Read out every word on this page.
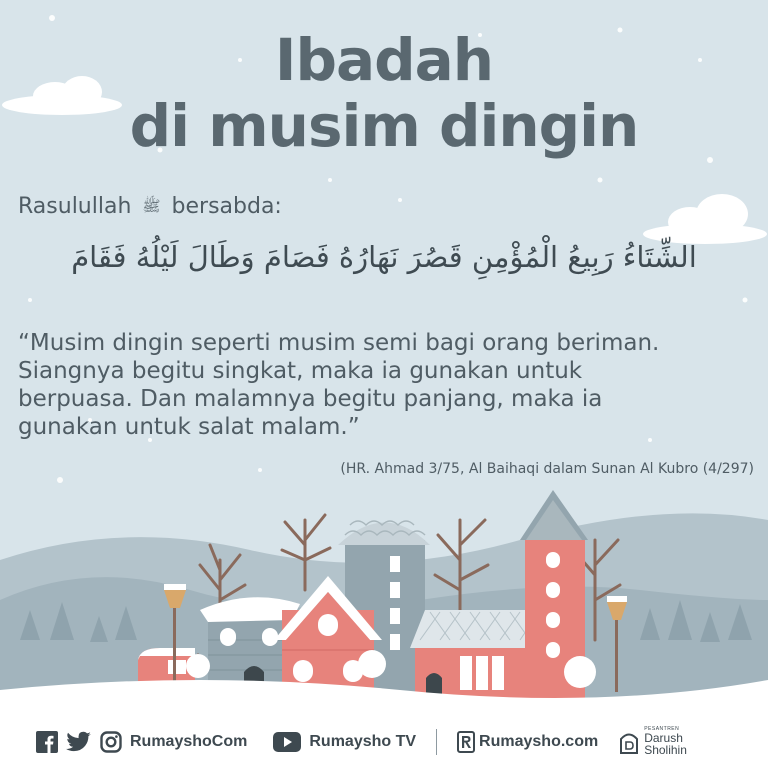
Ibadah
di musim dingin
Rasulullah ﷺ bersabda:
الشِّتَاءُ رَبِيعُ الْمُؤْمِنِ قَصُرَ نَهَارُهُ فَصَامَ وَطَالَ لَيْلُهُ فَقَامَ
“Musim dingin seperti musim semi bagi orang beriman.
Siangnya begitu singkat, maka ia gunakan untuk
berpuasa. Dan malamnya begitu panjang, maka ia
gunakan untuk salat malam.”
(HR. Ahmad 3/75, Al Baihaqi dalam Sunan Al Kubro (4/297)
RumayshoCom	Rumaysho TV	Rumaysho.com
PESANTREN
Darush
Sholihin
